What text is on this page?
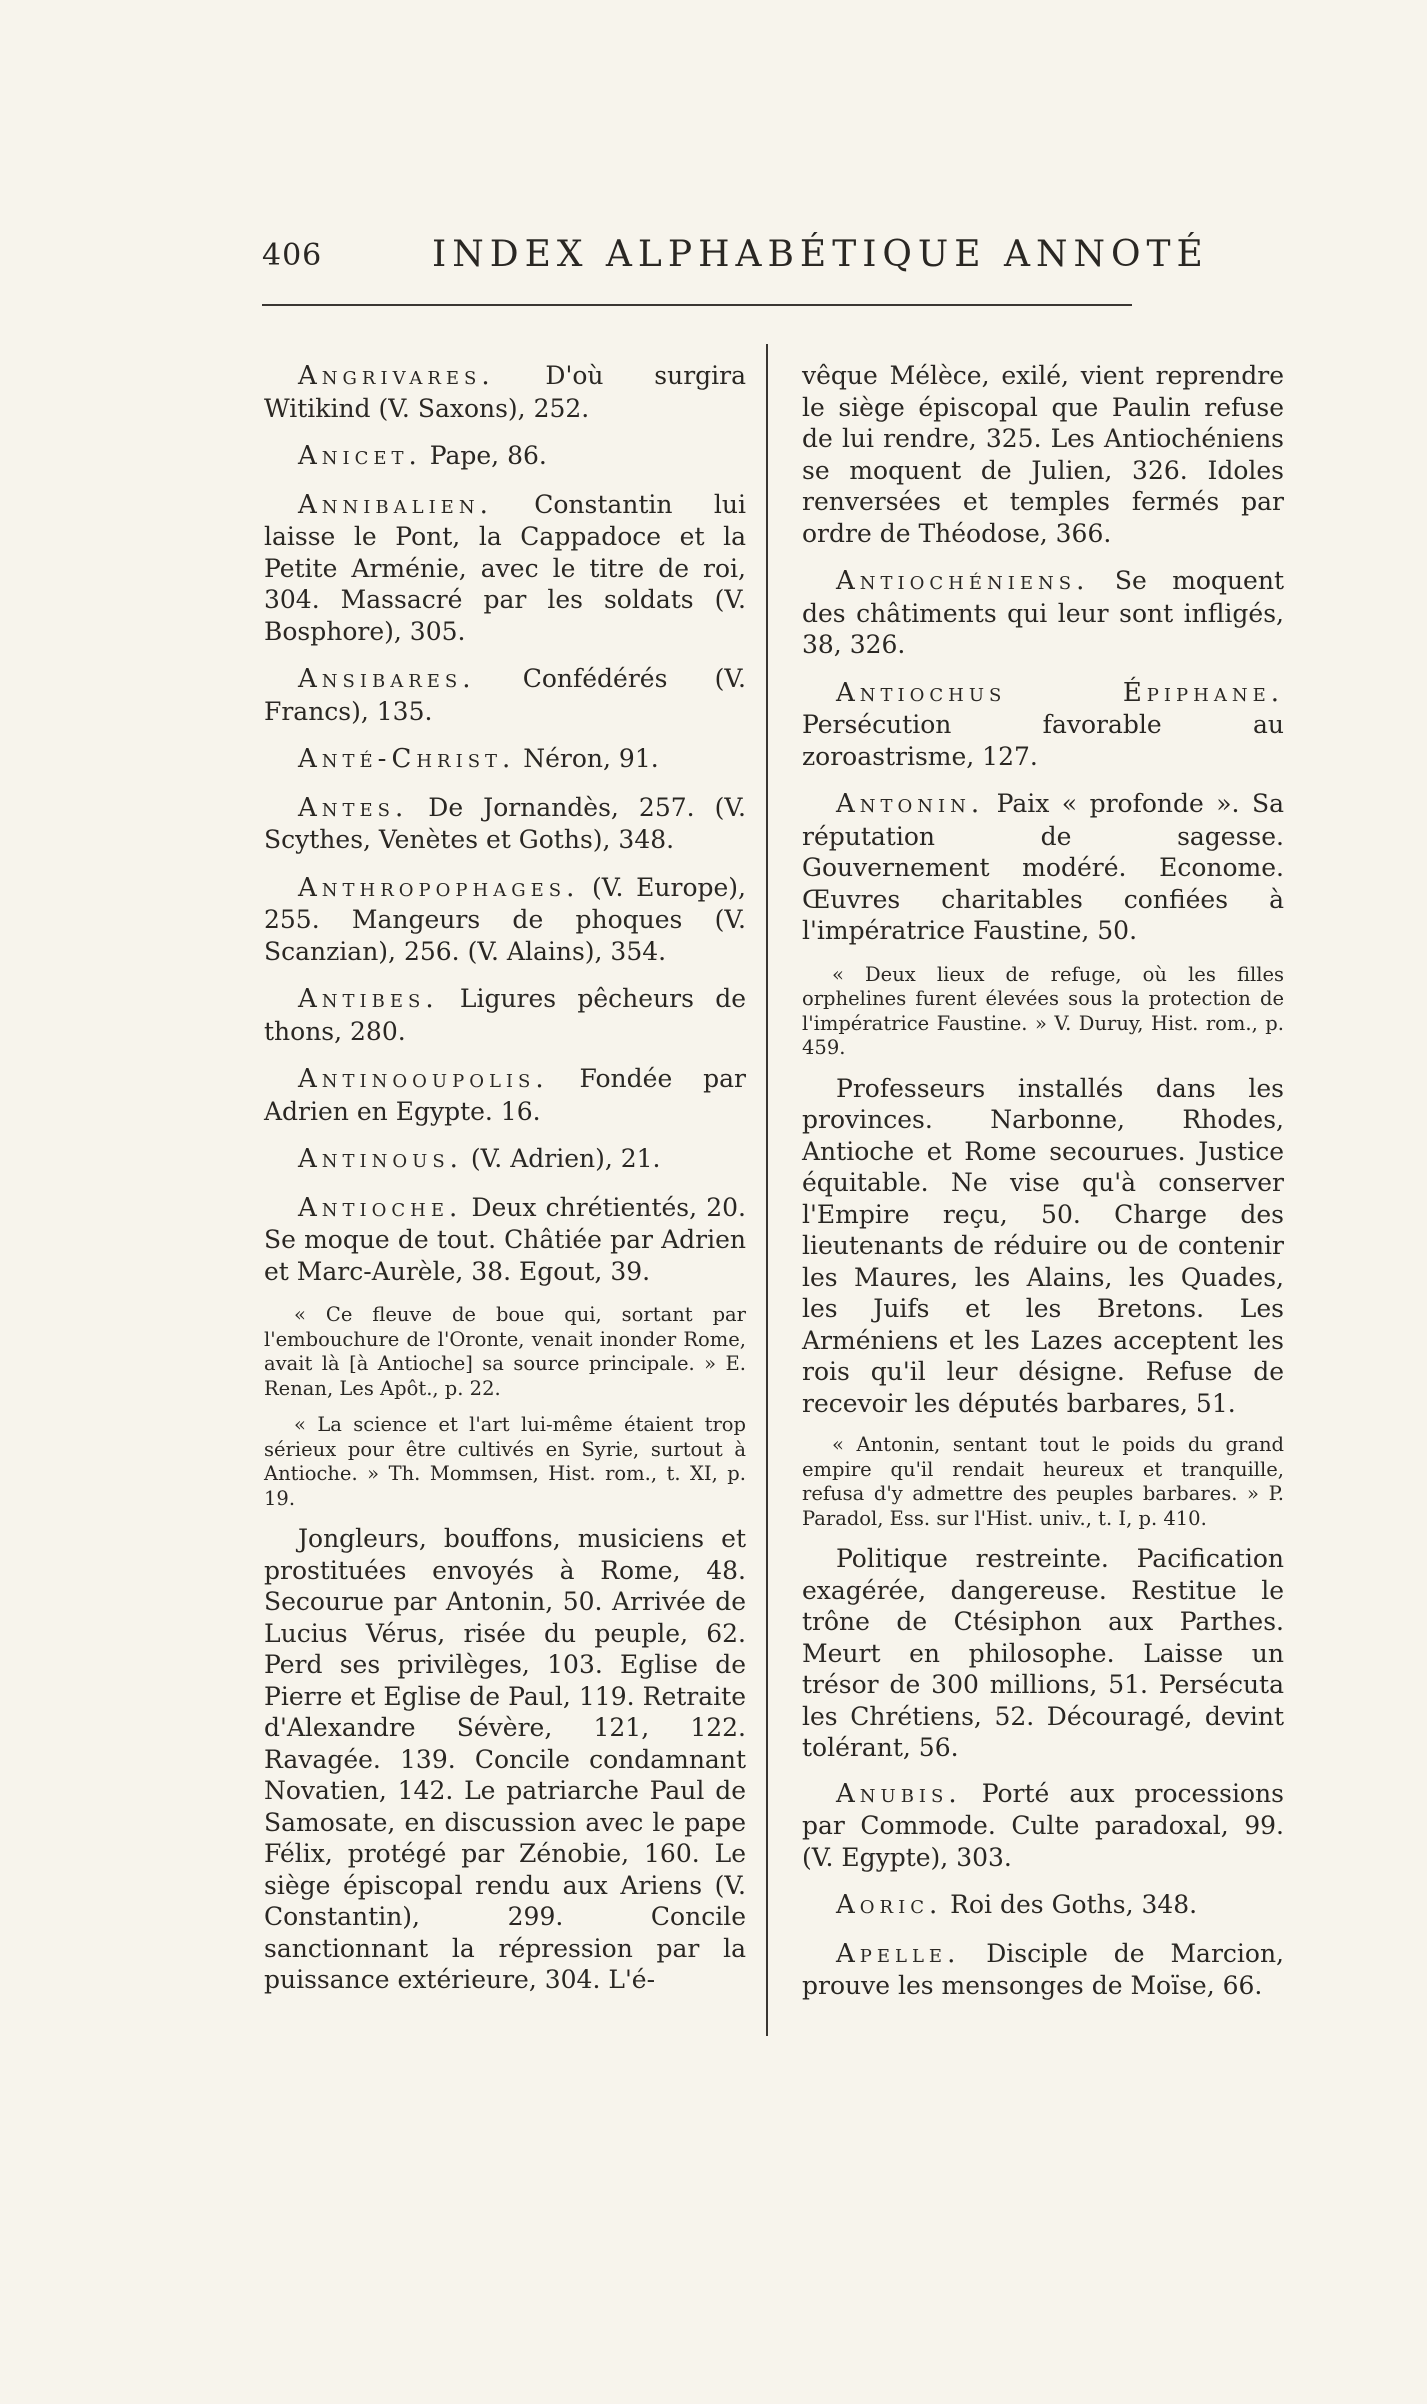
406	INDEX ALPHABÉTIQUE ANNOTÉ

Angrivares. D'où surgira Witikind (V. Saxons), 252.

Anicet. Pape, 86.

Annibalien. Constantin lui laisse le Pont, la Cappadoce et la Petite Arménie, avec le titre de roi, 304. Massacré par les soldats (V. Bosphore), 305.

Ansibares. Confédérés (V. Francs), 135.

Anté-Christ. Néron, 91.

Antes. De Jornandès, 257. (V. Scythes, Venètes et Goths), 348.

Anthropophages. (V. Europe), 255. Mangeurs de phoques (V. Scanzian), 256. (V. Alains), 354.

Antibes. Ligures pêcheurs de thons, 280.

Antinooupolis. Fondée par Adrien en Egypte. 16.

Antinous. (V. Adrien), 21.

Antioche. Deux chrétientés, 20. Se moque de tout. Châtiée par Adrien et Marc-Aurèle, 38. Egout, 39.

« Ce fleuve de boue qui, sortant par l'embouchure de l'Oronte, venait inonder Rome, avait là [à Antioche] sa source principale. » E. Renan, Les Apôt., p. 22.

« La science et l'art lui-même étaient trop sérieux pour être cultivés en Syrie, surtout à Antioche. » Th. Mommsen, Hist. rom., t. XI, p. 19.

Jongleurs, bouffons, musiciens et prostituées envoyés à Rome, 48. Secourue par Antonin, 50. Arrivée de Lucius Vérus, risée du peuple, 62. Perd ses privilèges, 103. Eglise de Pierre et Eglise de Paul, 119. Retraite d'Alexandre Sévère, 121, 122. Ravagée. 139. Concile condamnant Novatien, 142. Le patriarche Paul de Samosate, en discussion avec le pape Félix, protégé par Zénobie, 160. Le siège épiscopal rendu aux Ariens (V. Constantin), 299. Concile sanctionnant la répression par la puissance extérieure, 304. L'é-

vêque Mélèce, exilé, vient reprendre le siège épiscopal que Paulin refuse de lui rendre, 325. Les Antiochéniens se moquent de Julien, 326. Idoles renversées et temples fermés par ordre de Théodose, 366.

Antiochéniens. Se moquent des châtiments qui leur sont infligés, 38, 326.

Antiochus Épiphane. Persécution favorable au zoroastrisme, 127.

Antonin. Paix « profonde ». Sa réputation de sagesse. Gouvernement modéré. Econome. Œuvres charitables confiées à l'impératrice Faustine, 50.

« Deux lieux de refuge, où les filles orphelines furent élevées sous la protection de l'impératrice Faustine. » V. Duruy, Hist. rom., p. 459.

Professeurs installés dans les provinces. Narbonne, Rhodes, Antioche et Rome secourues. Justice équitable. Ne vise qu'à conserver l'Empire reçu, 50. Charge des lieutenants de réduire ou de contenir les Maures, les Alains, les Quades, les Juifs et les Bretons. Les Arméniens et les Lazes acceptent les rois qu'il leur désigne. Refuse de recevoir les députés barbares, 51.

« Antonin, sentant tout le poids du grand empire qu'il rendait heureux et tranquille, refusa d'y admettre des peuples barbares. » P. Paradol, Ess. sur l'Hist. univ., t. I, p. 410.

Politique restreinte. Pacification exagérée, dangereuse. Restitue le trône de Ctésiphon aux Parthes. Meurt en philosophe. Laisse un trésor de 300 millions, 51. Persécuta les Chrétiens, 52. Découragé, devint tolérant, 56.

Anubis. Porté aux processions par Commode. Culte paradoxal, 99. (V. Egypte), 303.

Aoric. Roi des Goths, 348.

Apelle. Disciple de Marcion, prouve les mensonges de Moïse, 66.
